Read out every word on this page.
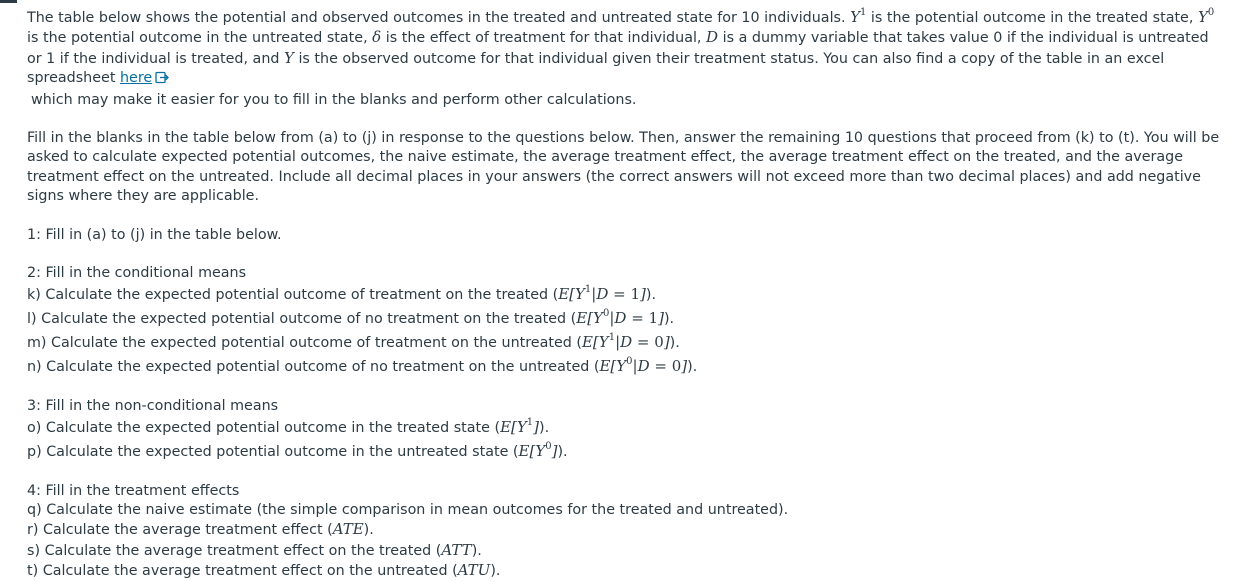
The table below shows the potential and observed outcomes in the treated and untreated state for 10 individuals. $Y^1$ is the potential outcome in the treated state, $Y^0$ is the potential outcome in the untreated state, δ is the effect of treatment for that individual, D is a dummy variable that takes value 0 if the individual is untreated or 1 if the individual is treated, and Y is the observed outcome for that individual given their treatment status. You can also find a copy of the table in an excel spreadsheet here
which may make it easier for you to fill in the blanks and perform other calculations.

Fill in the blanks in the table below from (a) to (j) in response to the questions below. Then, answer the remaining 10 questions that proceed from (k) to (t). You will be asked to calculate expected potential outcomes, the naive estimate, the average treatment effect, the average treatment effect on the treated, and the average treatment effect on the untreated. Include all decimal places in your answers (the correct answers will not exceed more than two decimal places) and add negative signs where they are applicable.

1: Fill in (a) to (j) in the table below.

2: Fill in the conditional means

k) Calculate the expected potential outcome of treatment on the treated $(E[Y^1|D = 1])$.

l) Calculate the expected potential outcome of no treatment on the treated $(E[Y^0|D = 1])$.

m) Calculate the expected potential outcome of treatment on the untreated $(E[Y^1|D = 0])$.

n) Calculate the expected potential outcome of no treatment on the untreated $(E[Y^0|D = 0])$.

3: Fill in the non-conditional means

o) Calculate the expected potential outcome in the treated state $(E[Y^1])$.

p) Calculate the expected potential outcome in the untreated state $(E[Y^0])$.

4: Fill in the treatment effects

q) Calculate the naive estimate (the simple comparison in mean outcomes for the treated and untreated).

r) Calculate the average treatment effect (ATE).

s) Calculate the average treatment effect on the treated (ATT).

t) Calculate the average treatment effect on the untreated (ATU).
